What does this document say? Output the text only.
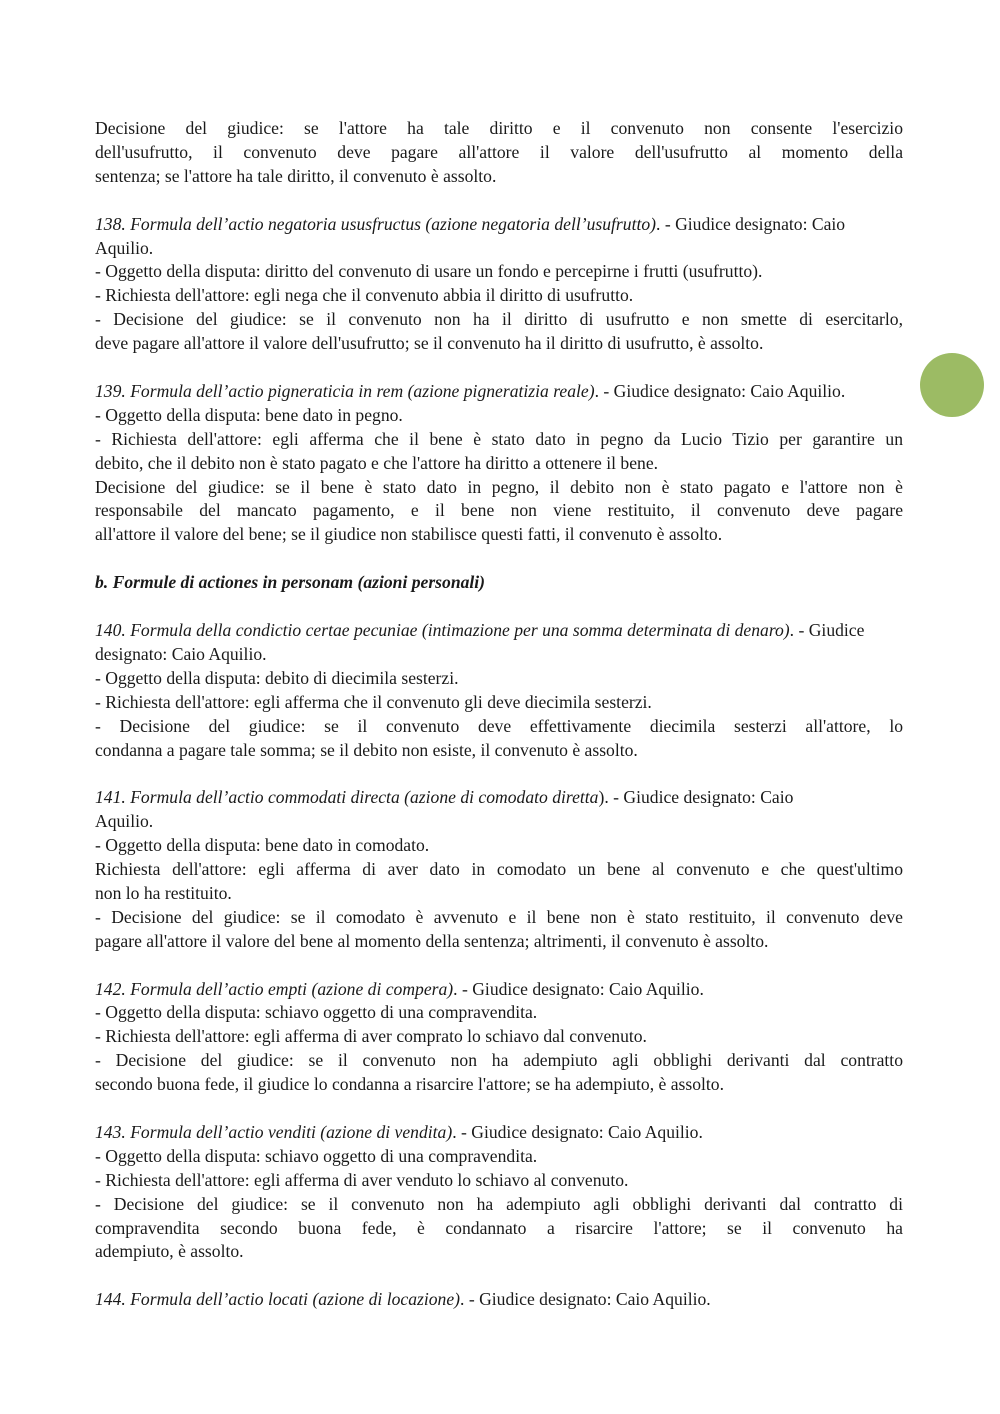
Decisione del giudice: se l'attore ha tale diritto e il convenuto non consente l'esercizio
dell'usufrutto, il convenuto deve pagare all'attore il valore dell'usufrutto al momento della
sentenza; se l'attore ha tale diritto, il convenuto è assolto.
138. Formula dell’actio negatoria ususfructus (azione negatoria dell’usufrutto). - Giudice designato: Caio
Aquilio.
- Oggetto della disputa: diritto del convenuto di usare un fondo e percepirne i frutti (usufrutto).
- Richiesta dell'attore: egli nega che il convenuto abbia il diritto di usufrutto.
- Decisione del giudice: se il convenuto non ha il diritto di usufrutto e non smette di esercitarlo,
deve pagare all'attore il valore dell'usufrutto; se il convenuto ha il diritto di usufrutto, è assolto.
139. Formula dell’actio pigneraticia in rem (azione pigneratizia reale). - Giudice designato: Caio Aquilio.
- Oggetto della disputa: bene dato in pegno.
- Richiesta dell'attore: egli afferma che il bene è stato dato in pegno da Lucio Tizio per garantire un
debito, che il debito non è stato pagato e che l'attore ha diritto a ottenere il bene.
Decisione del giudice: se il bene è stato dato in pegno, il debito non è stato pagato e l'attore non è
responsabile del mancato pagamento, e il bene non viene restituito, il convenuto deve pagare
all'attore il valore del bene; se il giudice non stabilisce questi fatti, il convenuto è assolto.
b. Formule di actiones in personam (azioni personali)
140. Formula della condictio certae pecuniae (intimazione per una somma determinata di denaro). - Giudice
designato: Caio Aquilio.
- Oggetto della disputa: debito di diecimila sesterzi.
- Richiesta dell'attore: egli afferma che il convenuto gli deve diecimila sesterzi.
- Decisione del giudice: se il convenuto deve effettivamente diecimila sesterzi all'attore, lo
condanna a pagare tale somma; se il debito non esiste, il convenuto è assolto.
141. Formula dell’actio commodati directa (azione di comodato diretta). - Giudice designato: Caio
Aquilio.
- Oggetto della disputa: bene dato in comodato.
Richiesta dell'attore: egli afferma di aver dato in comodato un bene al convenuto e che quest'ultimo
non lo ha restituito.
- Decisione del giudice: se il comodato è avvenuto e il bene non è stato restituito, il convenuto deve
pagare all'attore il valore del bene al momento della sentenza; altrimenti, il convenuto è assolto.
142. Formula dell’actio empti (azione di compera). - Giudice designato: Caio Aquilio.
- Oggetto della disputa: schiavo oggetto di una compravendita.
- Richiesta dell'attore: egli afferma di aver comprato lo schiavo dal convenuto.
- Decisione del giudice: se il convenuto non ha adempiuto agli obblighi derivanti dal contratto
secondo buona fede, il giudice lo condanna a risarcire l'attore; se ha adempiuto, è assolto.
143. Formula dell’actio venditi (azione di vendita). - Giudice designato: Caio Aquilio.
- Oggetto della disputa: schiavo oggetto di una compravendita.
- Richiesta dell'attore: egli afferma di aver venduto lo schiavo al convenuto.
- Decisione del giudice: se il convenuto non ha adempiuto agli obblighi derivanti dal contratto di
compravendita secondo buona fede, è condannato a risarcire l'attore; se il convenuto ha
adempiuto, è assolto.
144. Formula dell’actio locati (azione di locazione). - Giudice designato: Caio Aquilio.
